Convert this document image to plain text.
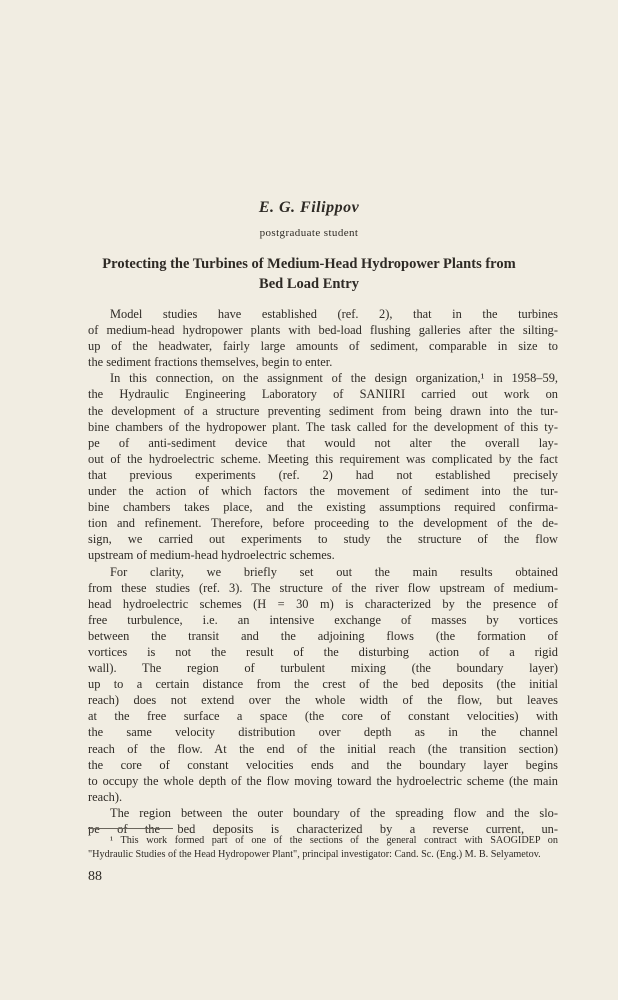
E. G. Filippov
postgraduate student
Protecting the Turbines of Medium-Head Hydropower Plants from
Bed Load Entry
Model studies have established (ref. 2), that in the turbines
of medium-head hydropower plants with bed-load flushing galleries after the silting-
up of the headwater, fairly large amounts of sediment, comparable in size to
the sediment fractions themselves, begin to enter.
In this connection, on the assignment of the design organization,¹ in 1958–59,
the Hydraulic Engineering Laboratory of SANIIRI carried out work on
the development of a structure preventing sediment from being drawn into the tur-
bine chambers of the hydropower plant. The task called for the development of this ty-
pe of anti-sediment device that would not alter the overall lay-
out of the hydroelectric scheme. Meeting this requirement was complicated by the fact
that previous experiments (ref. 2) had not established precisely
under the action of which factors the movement of sediment into the tur-
bine chambers takes place, and the existing assumptions required confirma-
tion and refinement. Therefore, before proceeding to the development of the de-
sign, we carried out experiments to study the structure of the flow
upstream of medium-head hydroelectric schemes.
For clarity, we briefly set out the main results obtained
from these studies (ref. 3). The structure of the river flow upstream of medium-
head hydroelectric schemes (H = 30 m) is characterized by the presence of
free turbulence, i.e. an intensive exchange of masses by vortices
between the transit and the adjoining flows (the formation of
vortices is not the result of the disturbing action of a rigid
wall). The region of turbulent mixing (the boundary layer)
up to a certain distance from the crest of the bed deposits (the initial
reach) does not extend over the whole width of the flow, but leaves
at the free surface a space (the core of constant velocities) with
the same velocity distribution over depth as in the channel
reach of the flow. At the end of the initial reach (the transition section)
the core of constant velocities ends and the boundary layer begins
to occupy the whole depth of the flow moving toward the hydroelectric scheme (the main
reach).
The region between the outer boundary of the spreading flow and the slo-
pe of the bed deposits is characterized by a reverse current, un-
¹ This work formed part of one of the sections of the general contract with SAOGIDEP on
"Hydraulic Studies of the Head Hydropower Plant", principal investigator: Cand. Sc. (Eng.) M. B. Selyametov.
88
